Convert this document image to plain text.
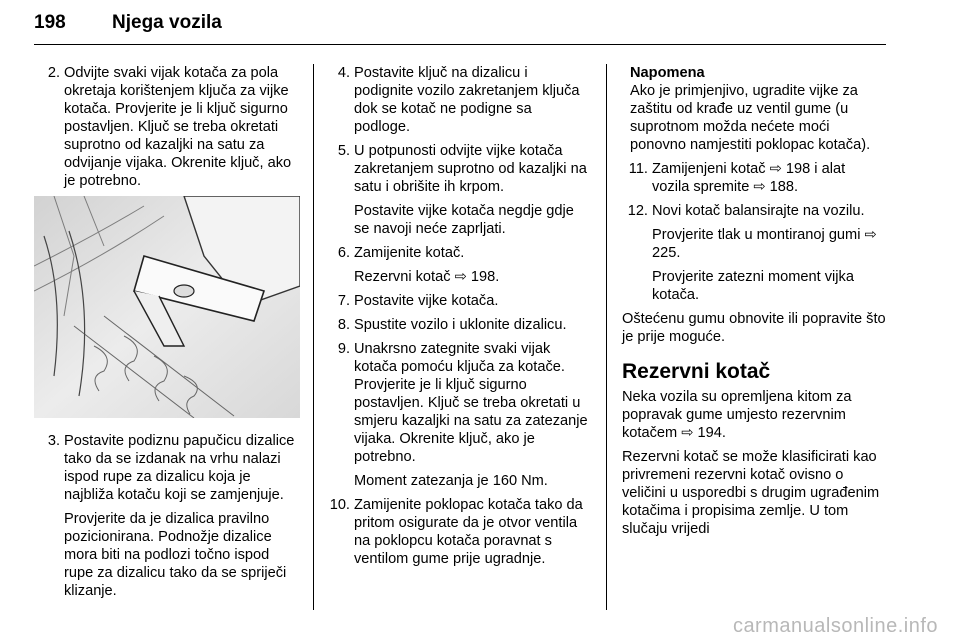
198 Njega vozila
2. Odvijte svaki vijak kotača za pola okretaja korištenjem ključa za vijke kotača. Provjerite je li ključ sigurno postavljen. Ključ se treba okretati suprotno od kazaljki na satu za odvijanje vijaka. Okrenite ključ, ako je potrebno.
3. Postavite podiznu papučicu dizalice tako da se izdanak na vrhu nalazi ispod rupe za dizalicu koja je najbliža kotaču koji se zamjenjuje.
Provjerite da je dizalica pravilno pozicionirana. Podnožje dizalice mora biti na podlozi točno ispod rupe za dizalicu tako da se spriječi klizanje.
4. Postavite ključ na dizalicu i podignite vozilo zakretanjem ključa dok se kotač ne podigne sa podloge.
5. U potpunosti odvijte vijke kotača zakretanjem suprotno od kazaljki na satu i obrišite ih krpom.
Postavite vijke kotača negdje gdje se navoji neće zaprljati.
6. Zamijenite kotač.
Rezervni kotač ⇨ 198.
7. Postavite vijke kotača.
8. Spustite vozilo i uklonite dizalicu.
9. Unakrsno zategnite svaki vijak kotača pomoću ključa za kotače. Provjerite je li ključ sigurno postavljen. Ključ se treba okretati u smjeru kazaljki na satu za zatezanje vijaka. Okrenite ključ, ako je potrebno.
Moment zatezanja je 160 Nm.
10. Zamijenite poklopac kotača tako da pritom osigurate da je otvor ventila na poklopcu kotača poravnat s ventilom gume prije ugradnje.
Napomena
Ako je primjenjivo, ugradite vijke za zaštitu od krađe uz ventil gume (u suprotnom možda nećete moći ponovno namjestiti poklopac kotača).
11. Zamijenjeni kotač ⇨ 198 i alat vozila spremite ⇨ 188.
12. Novi kotač balansirajte na vozilu.
Provjerite tlak u montiranoj gumi ⇨ 225.
Provjerite zatezni moment vijka kotača.
Oštećenu gumu obnovite ili popravite što je prije moguće.
Rezervni kotač
Neka vozila su opremljena kitom za popravak gume umjesto rezervnim kotačem ⇨ 194.
Rezervni kotač se može klasificirati kao privremeni rezervni kotač ovisno o veličini u usporedbi s drugim ugrađenim kotačima i propisima zemlje. U tom slučaju vrijedi
carmanualsonline.info
